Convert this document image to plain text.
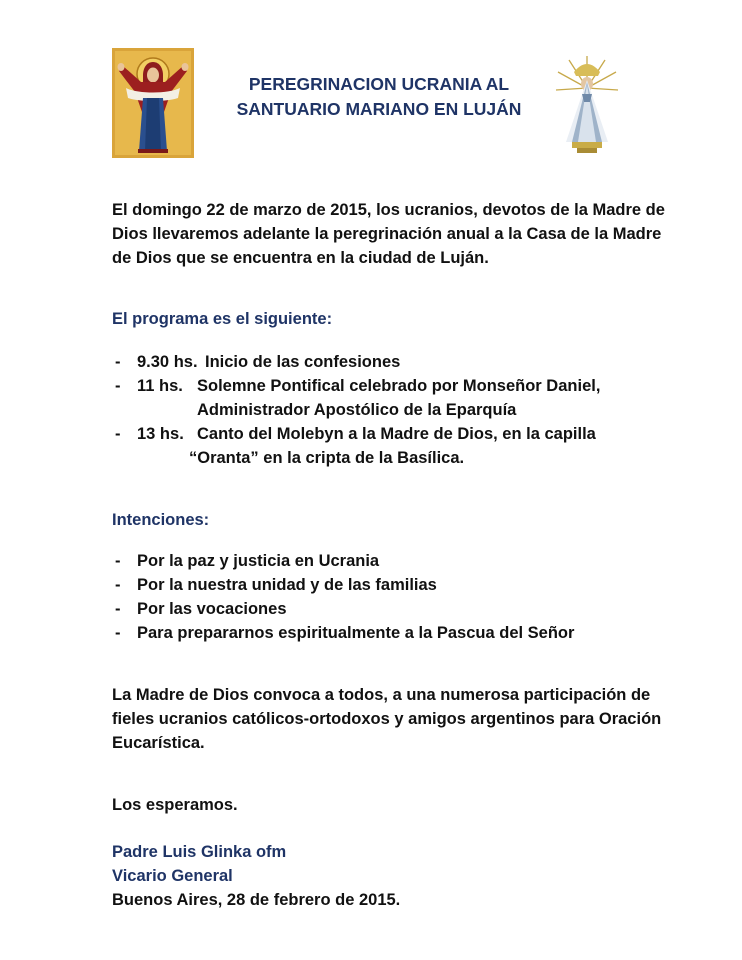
PEREGRINACION UCRANIA AL
SANTUARIO MARIANO EN LUJÁN
El domingo 22 de marzo de 2015, los ucranios, devotos de la Madre de
Dios llevaremos adelante la peregrinación anual a la Casa de la Madre
de Dios que se encuentra en la ciudad de Luján.
El programa es el siguiente:
- 9.30 hs. Inicio de las confesiones

- 11 hs. Solemne Pontifical celebrado por Monseñor Daniel,

Administrador Apostólico de la Eparquía

- 13 hs. Canto del Molebyn a la Madre de Dios, en la capilla

“Oranta” en la cripta de la Basílica.

Intenciones:
- Por la paz y justicia en Ucrania

- Por la nuestra unidad y de las familias

- Por las vocaciones

- Para prepararnos espiritualmente a la Pascua del Señor

La Madre de Dios convoca a todos, a una numerosa participación de
fieles ucranios católicos-ortodoxos y amigos argentinos para Oración
Eucarística.
Los esperamos.
Padre Luis Glinka ofm
Vicario General
Buenos Aires, 28 de febrero de 2015.
